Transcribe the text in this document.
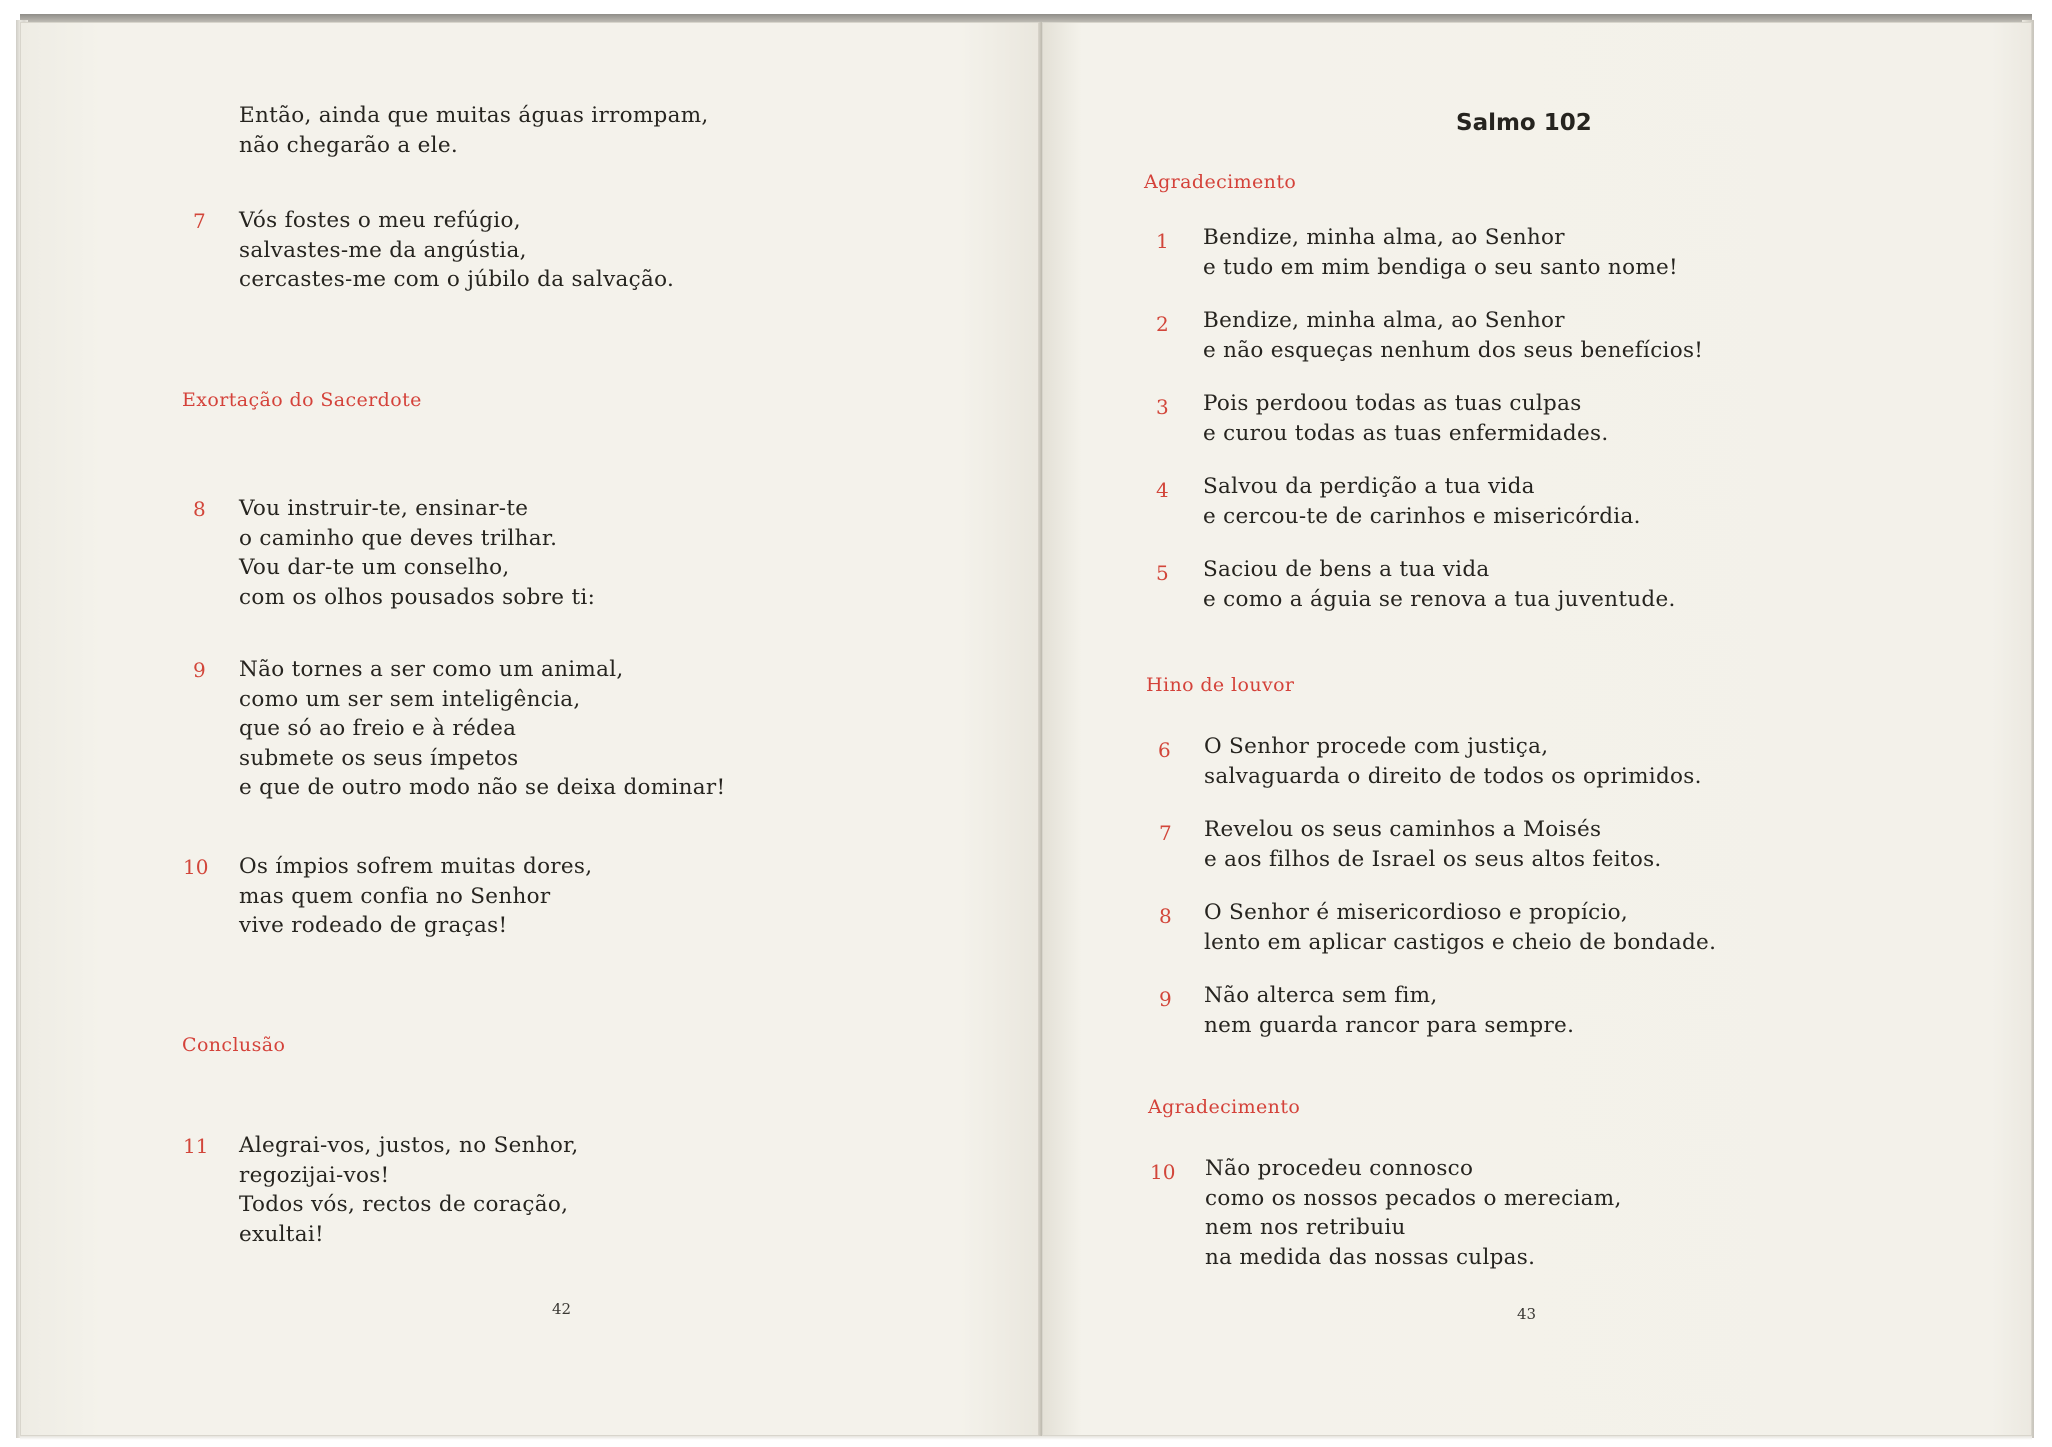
Então, ainda que muitas águas irrompam,
não chegarão a ele.
7 Vós fostes o meu refúgio,
salvastes-me da angústia,
cercastes-me com o júbilo da salvação.
Exortação do Sacerdote
8 Vou instruir-te, ensinar-te
o caminho que deves trilhar.
Vou dar-te um conselho,
com os olhos pousados sobre ti:
9 Não tornes a ser como um animal,
como um ser sem inteligência,
que só ao freio e à rédea
submete os seus ímpetos
e que de outro modo não se deixa dominar!
10 Os ímpios sofrem muitas dores,
mas quem confia no Senhor
vive rodeado de graças!
Conclusão
11 Alegrai-vos, justos, no Senhor,
regozijai-vos!
Todos vós, rectos de coração,
exultai!
42
Salmo 102
Agradecimento
1 Bendize, minha alma, ao Senhor
e tudo em mim bendiga o seu santo nome!
2 Bendize, minha alma, ao Senhor
e não esqueças nenhum dos seus benefícios!
3 Pois perdoou todas as tuas culpas
e curou todas as tuas enfermidades.
4 Salvou da perdição a tua vida
e cercou-te de carinhos e misericórdia.
5 Saciou de bens a tua vida
e como a águia se renova a tua juventude.
Hino de louvor
6 O Senhor procede com justiça,
salvaguarda o direito de todos os oprimidos.
7 Revelou os seus caminhos a Moisés
e aos filhos de Israel os seus altos feitos.
8 O Senhor é misericordioso e propício,
lento em aplicar castigos e cheio de bondade.
9 Não alterca sem fim,
nem guarda rancor para sempre.
Agradecimento
10 Não procedeu connosco
como os nossos pecados o mereciam,
nem nos retribuiu
na medida das nossas culpas.
43
